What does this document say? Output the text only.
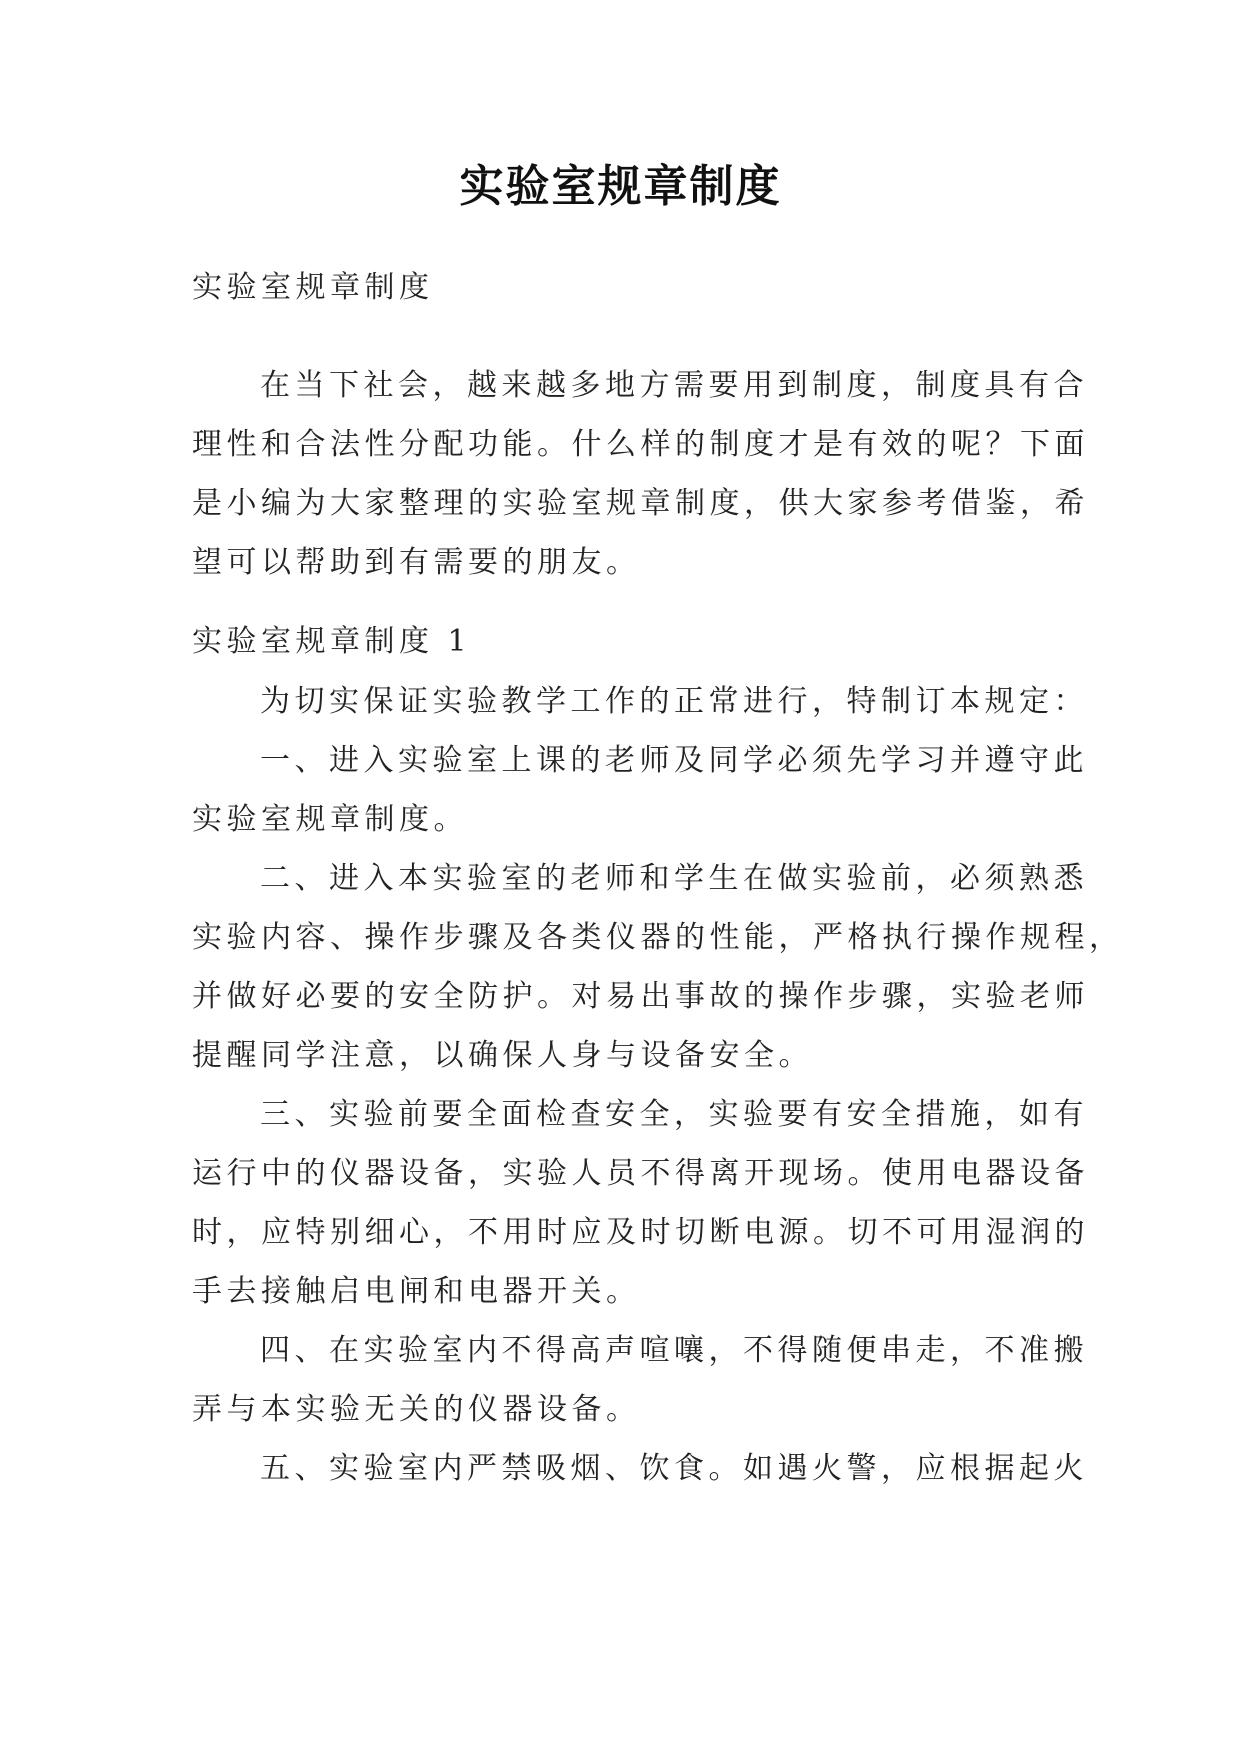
实验室规章制度

实验室规章制度

在当下社会，越来越多地方需要用到制度，制度具有合
理性和合法性分配功能。什么样的制度才是有效的呢？下面
是小编为大家整理的实验室规章制度，供大家参考借鉴，希
望可以帮助到有需要的朋友。

实验室规章制度 1

为切实保证实验教学工作的正常进行，特制订本规定：
一、进入实验室上课的老师及同学必须先学习并遵守此
实验室规章制度。
二、进入本实验室的老师和学生在做实验前，必须熟悉
实验内容、操作步骤及各类仪器的性能，严格执行操作规程，
并做好必要的安全防护。对易出事故的操作步骤，实验老师
提醒同学注意，以确保人身与设备安全。
三、实验前要全面检查安全，实验要有安全措施，如有
运行中的仪器设备，实验人员不得离开现场。使用电器设备
时，应特别细心，不用时应及时切断电源。切不可用湿润的
手去接触启电闸和电器开关。
四、在实验室内不得高声喧嚷，不得随便串走，不准搬
弄与本实验无关的仪器设备。
五、实验室内严禁吸烟、饮食。如遇火警，应根据起火
